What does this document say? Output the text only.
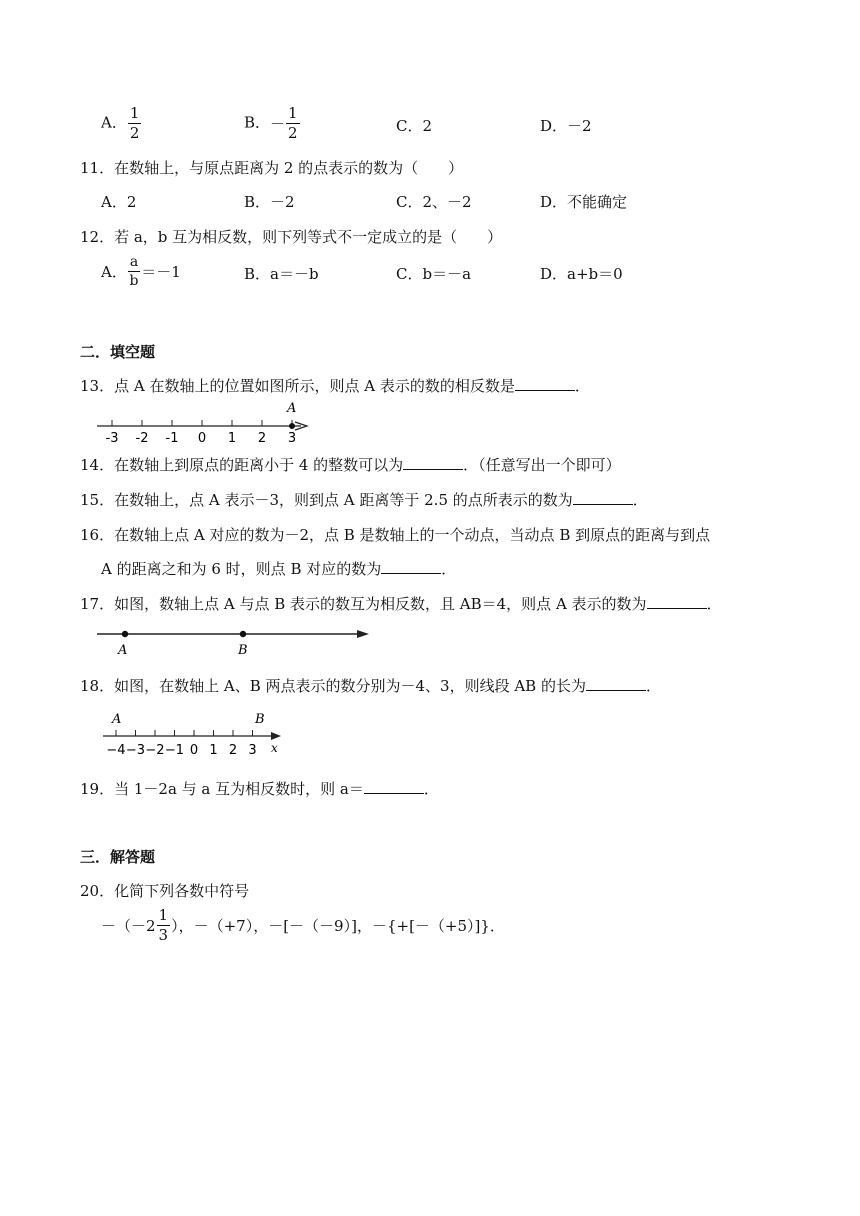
A． $\frac{1}{2}$	B．－ $\frac{1}{2}$	C．2	D．－2
11．在数轴上，与原点距离为 2 的点表示的数为（　　）
A．2	B．－2	C．2、－2	D．不能确定
12．若 a，b 互为相反数，则下列等式不一定成立的是（　　）
A． $\frac{a}{b} =-1$	B．a＝－b	C．b＝－a	D．a+b＝0
二．填空题
13．点 A 在数轴上的位置如图所示，则点 A 表示的数的相反数是	．
-3 -2 -1 0 1 2 3
A
14．在数轴上到原点的距离小于 4 的整数可以为	．（任意写出一个即可）
15．在数轴上，点 A 表示－3，则到点 A 距离等于 2.5 的点所表示的数为	．
16．在数轴上点 A 对应的数为－2，点 B 是数轴上的一个动点，当动点 B 到原点的距离与到点
A 的距离之和为 6 时，则点 B 对应的数为	．
17．如图，数轴上点 A 与点 B 表示的数互为相反数，且 AB＝4，则点 A 表示的数为	．
A	B
18．如图，在数轴上 A、B 两点表示的数分别为－4、3，则线段 AB 的长为	．
A	B
−4 −3 −2 −1 0 1 2 3 x
19．当 1－2a 与 a 互为相反数时，则 a＝	．
三．解答题
20．化简下列各数中符号
$-(-2 \frac{1}{3}$ ），－（+7），－[－（－9）]，－{+[－（+5）]}．
